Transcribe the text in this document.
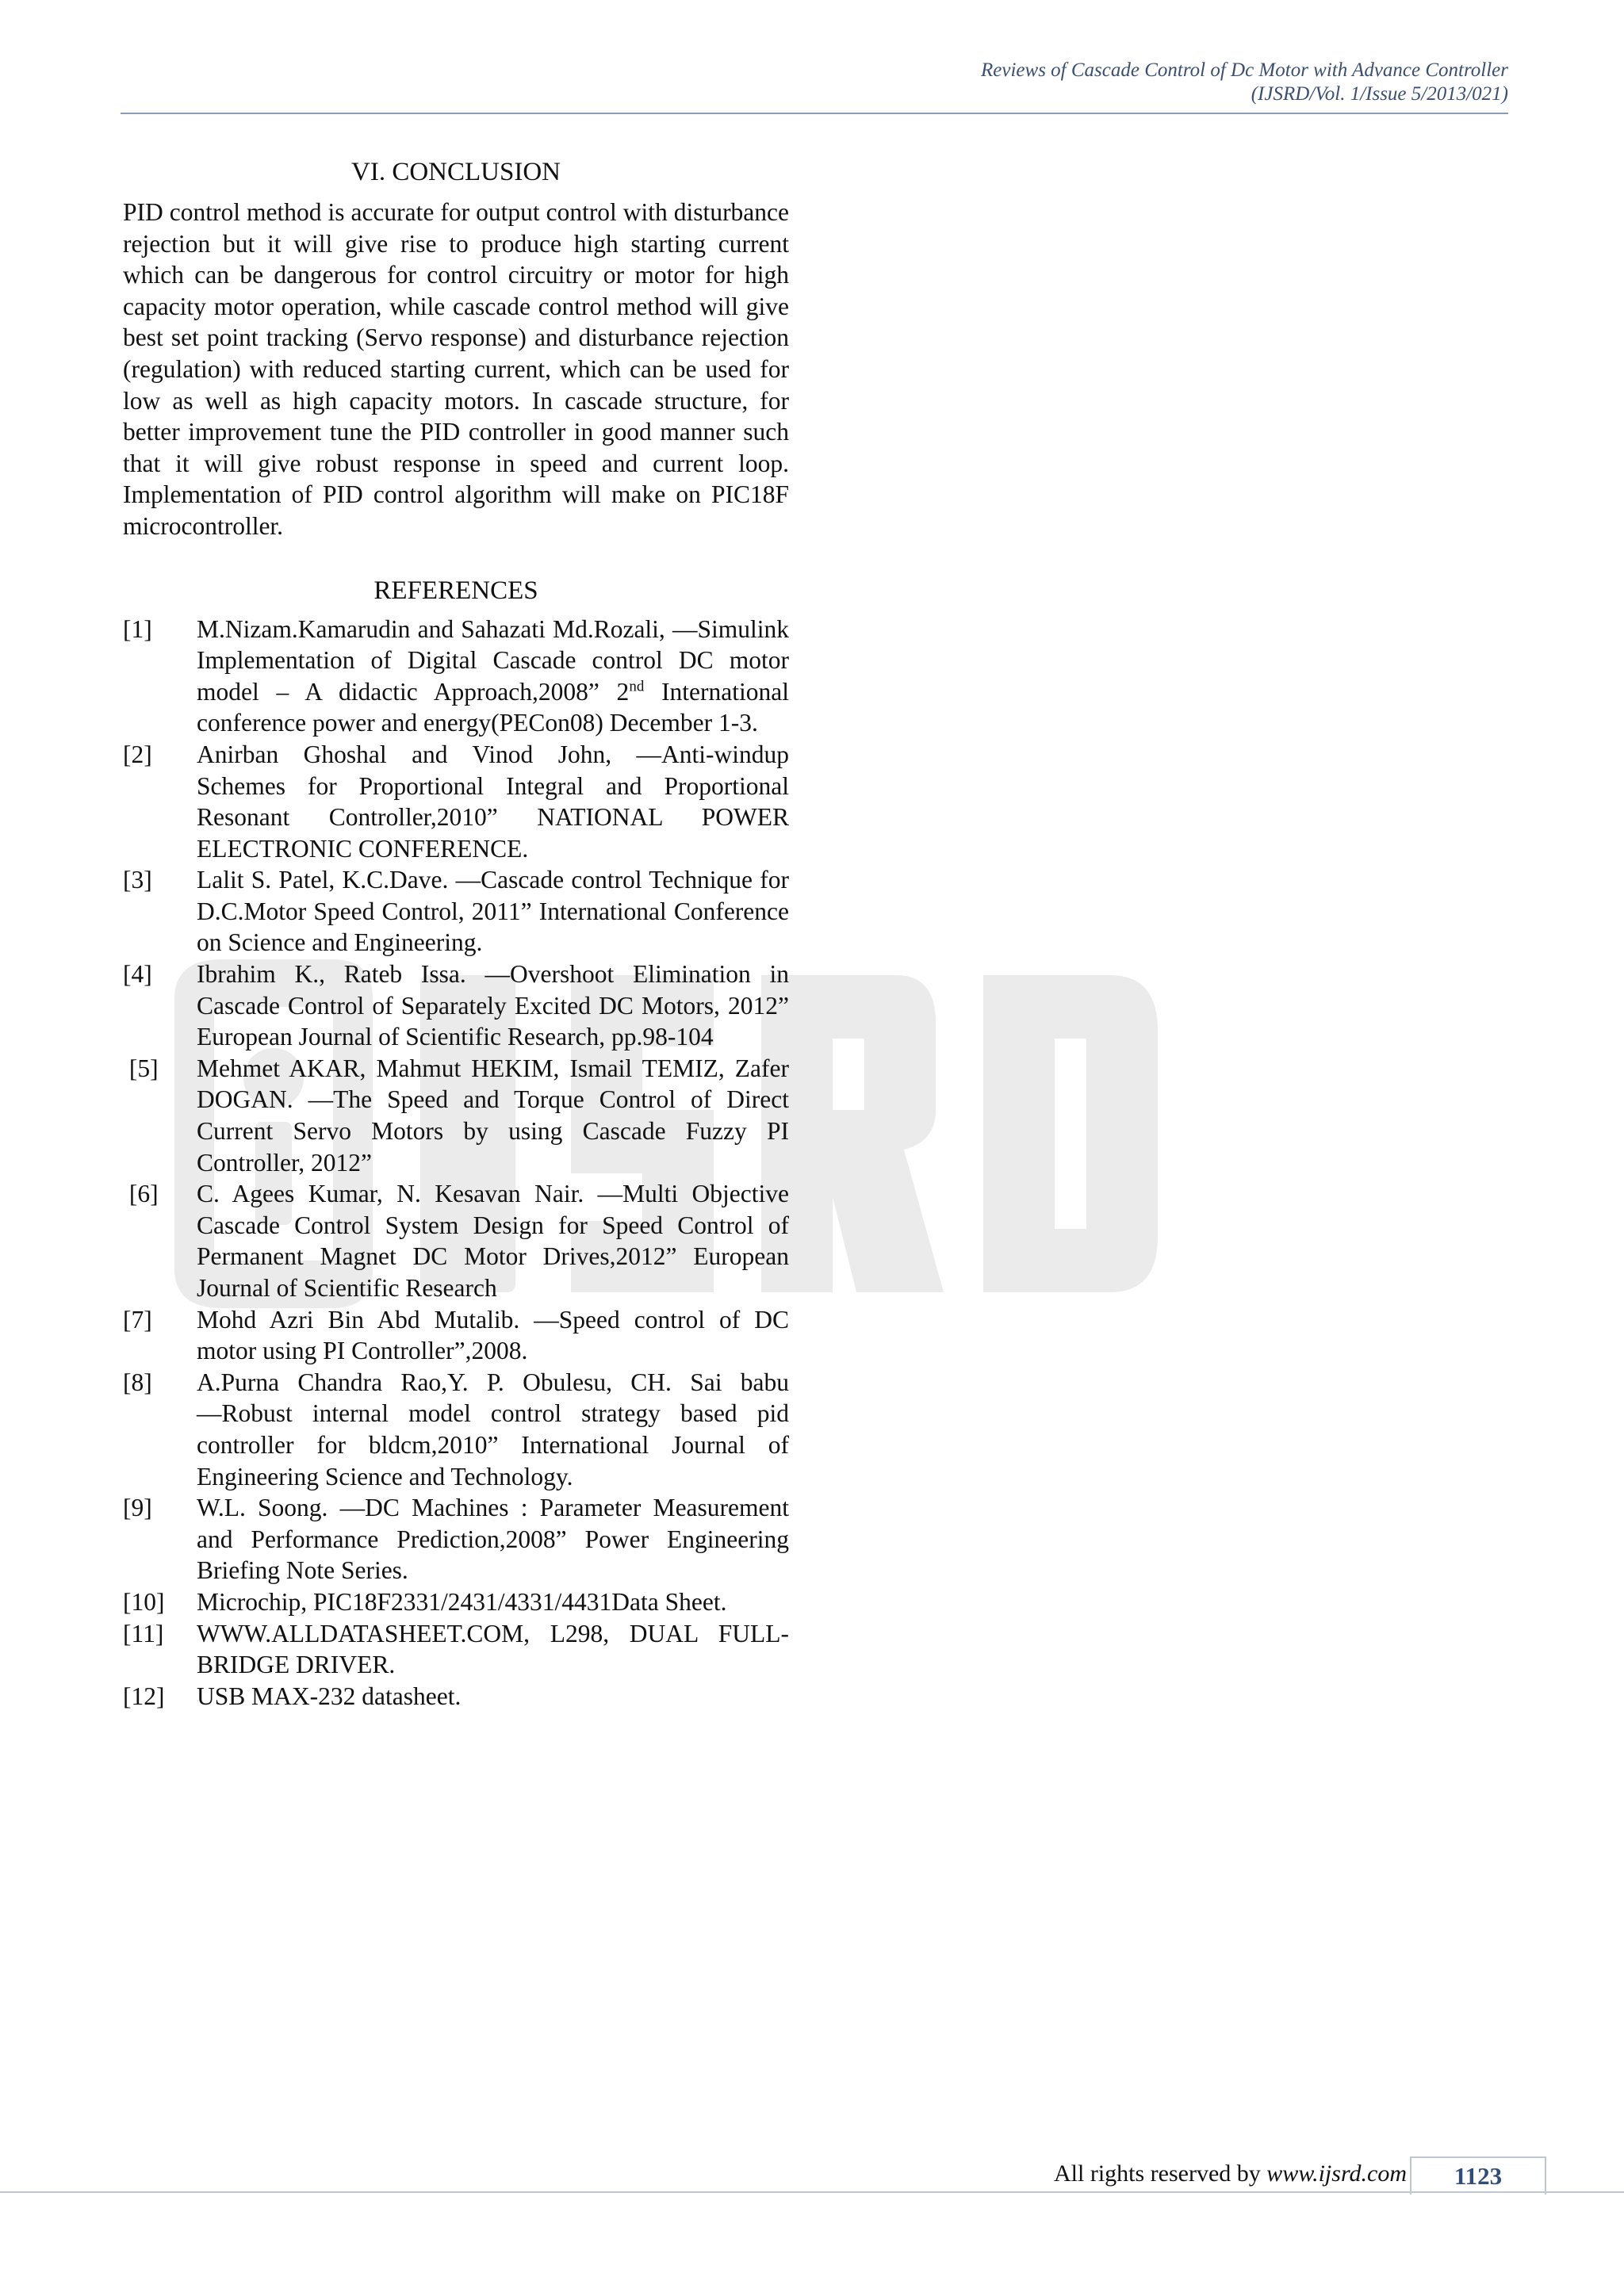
Reviews of Cascade Control of Dc Motor with Advance Controller
(IJSRD/Vol. 1/Issue 5/2013/021)
VI. CONCLUSION

PID control method is accurate for output control with disturbance rejection but it will give rise to produce high starting current which can be dangerous for control circuitry or motor for high capacity motor operation, while cascade control method will give best set point tracking (Servo response) and disturbance rejection (regulation) with reduced starting current, which can be used for low as well as high capacity motors. In cascade structure, for better improvement tune the PID controller in good manner such that it will give robust response in speed and current loop. Implementation of PID control algorithm will make on PIC18F microcontroller.

REFERENCES
[1]	M.Nizam.Kamarudin and Sahazati Md.Rozali, ―Simulink Implementation of Digital Cascade control DC motor model – A didactic Approach,2008” 2nd International conference power and energy(PECon08) December 1-3.
[2]	Anirban Ghoshal and Vinod John, ―Anti-windup Schemes for Proportional Integral and Proportional Resonant Controller,2010” NATIONAL POWER ELECTRONIC CONFERENCE.
[3]	Lalit S. Patel, K.C.Dave. ―Cascade control Technique for D.C.Motor Speed Control, 2011” International Conference on Science and Engineering.
[4]	Ibrahim K., Rateb Issa. ―Overshoot Elimination in Cascade Control of Separately Excited DC Motors, 2012” European Journal of Scientific Research, pp.98-104
[5]	Mehmet AKAR, Mahmut HEKIM, Ismail TEMIZ, Zafer DOGAN. ―The Speed and Torque Control of Direct Current Servo Motors by using Cascade Fuzzy PI Controller, 2012”
[6]	C. Agees Kumar, N. Kesavan Nair. ―Multi Objective Cascade Control System Design for Speed Control of Permanent Magnet DC Motor Drives,2012” European Journal of Scientific Research
[7]	Mohd Azri Bin Abd Mutalib. ―Speed control of DC motor using PI Controller”,2008.
[8]	A.Purna Chandra Rao,Y. P. Obulesu, CH. Sai babu ―Robust internal model control strategy based pid controller for bldcm,2010” International Journal of Engineering Science and Technology.
[9]	W.L. Soong. ―DC Machines : Parameter Measurement and Performance Prediction,2008” Power Engineering Briefing Note Series.
[10]	Microchip, PIC18F2331/2431/4331/4431Data Sheet.
[11]	WWW.ALLDATASHEET.COM, L298, DUAL FULL-BRIDGE DRIVER.
[12]	USB MAX-232 datasheet.
All rights reserved by www.ijsrd.com	1123
